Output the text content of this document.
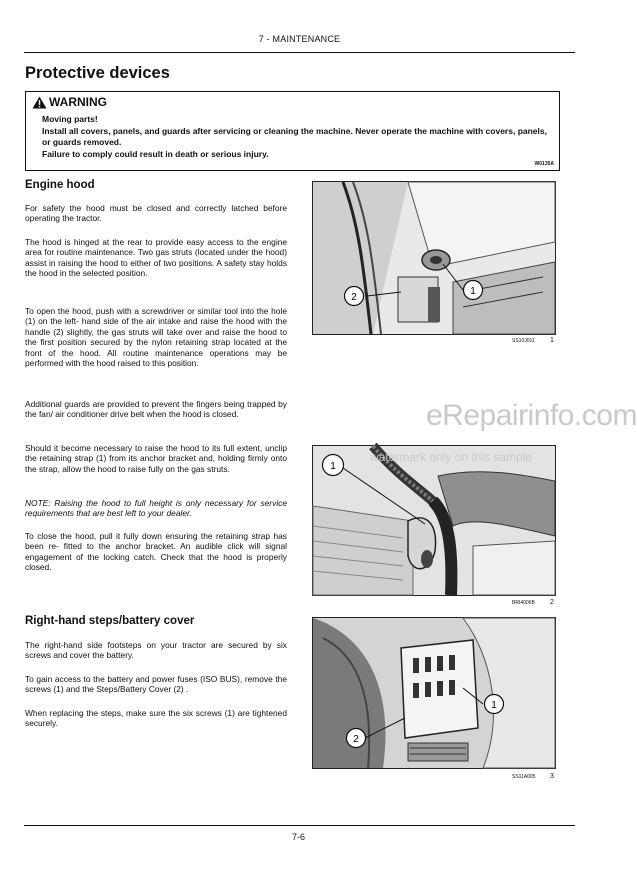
7 - MAINTENANCE
Protective devices
WARNING
Moving parts!
Install all covers, panels, and guards after servicing or cleaning the machine. Never operate the machine with covers, panels, or guards removed.
Failure to comply could result in death or serious injury.
W0135A
Engine hood

For safety the hood must be closed and correctly latched before operating the tractor.

The hood is hinged at the rear to provide easy access to the engine area for routine maintenance. Two gas struts (located under the hood) assist in raising the hood to either of two positions. A safety stay holds the hood in the selected position.

To open the hood, push with a screwdriver or similar tool into the hole (1) on the left- hand side of the air intake and raise the hood with the handle (2) slightly, the gas struts will take over and raise the hood to the first position secured by the nylon retaining strap located at the front of the hood. All routine maintenance operations may be performed with the hood raised to this position.

Additional guards are provided to prevent the fingers being trapped by the fan/ air conditioner drive belt when the hood is closed.

Should it become necessary to raise the hood to its full extent, unclip the retaining strap (1) from its anchor bracket and, holding firmly onto the strap, allow the hood to raise fully on the gas struts.

NOTE: Raising the hood to full height is only necessary for service requirements that are best left to your dealer.

To close the hood, pull it fully down ensuring the retaining strap has been re- fitted to the anchor bracket. An audible click will signal engagement of the locking catch. Check that the hood is properly closed.

Right-hand steps/battery cover

The right-hand side footsteps on your tractor are secured by six screws and cover the battery.

To gain access to the battery and power fuses (ISO BUS), remove the screws (1) and the Steps/Battery Cover (2) .

When replacing the steps, make sure the six screws (1) are tightened securely.

2
1
SS10J011 1
1
BRI4006B 2
1
2
SS11A005 3
eRepairinfo.com
watermark only on this sample
7-6
